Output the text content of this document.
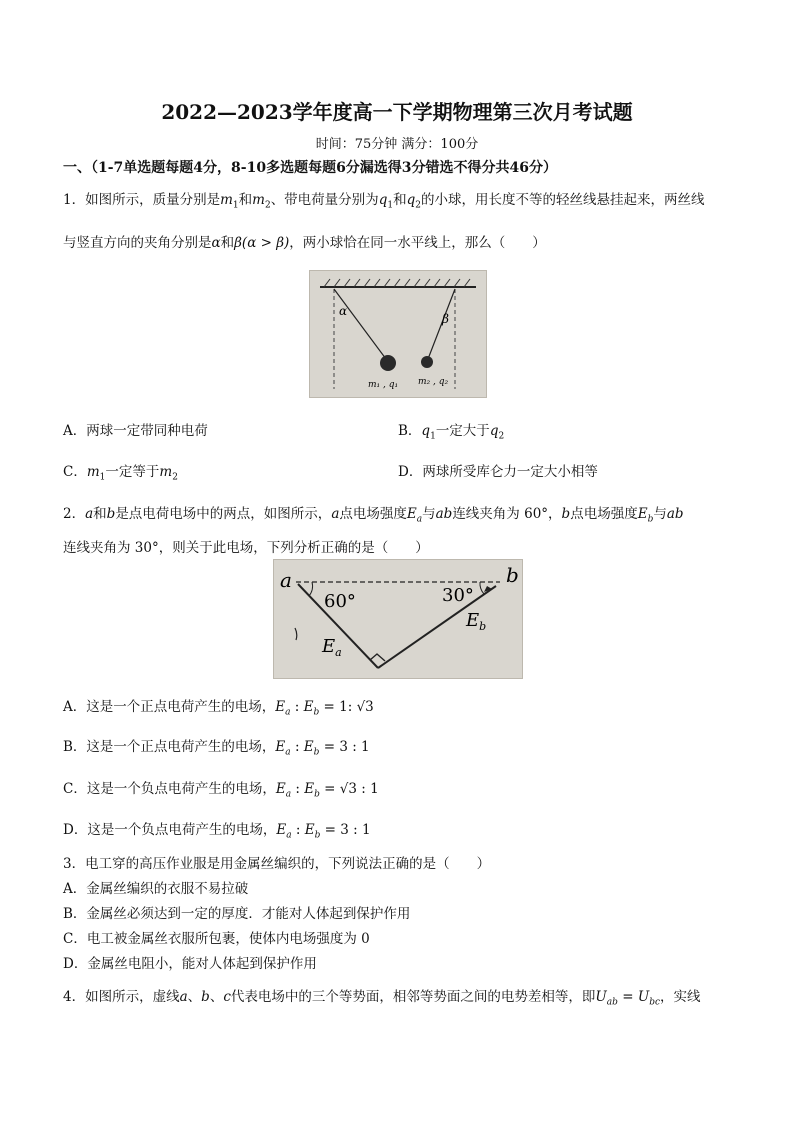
2022—2023学年度高一下学期物理第三次月考试题
时间：75分钟 满分：100分
一、（1-7单选题每题4分，8-10多选题每题6分漏选得3分错选不得分共46分）
1．如图所示，质量分别是$m_1$和$m_2$、带电荷量分别为$q_1$和$q_2$的小球，用长度不等的轻丝线悬挂起来，两丝线
与竖直方向的夹角分别是α和β(α > β)，两小球恰在同一水平线上，那么（　　）
α
β
m₁ , q₁ m₂ , q₂
A．两球一定带同种电荷	B．$q_1$一定大于$q_2$
C．$m_1$一定等于$m_2$	D．两球所受库仑力一定大小相等
2．a和b是点电荷电场中的两点，如图所示，a点电场强度$E_a$与ab连线夹角为 60°，b点电场强度$E_b$与ab
连线夹角为 30°，则关于此电场，下列分析正确的是（　　）
a	b
60°	30°
$E_a$
$E_b$
A．这是一个正点电荷产生的电场，$E_a$ : $E_b = 1$: √3
B．这是一个正点电荷产生的电场，$E_a$ : $E_b = 3$ : 1
C．这是一个负点电荷产生的电场，$E_a$ : $E_b = √3$ : 1
D．这是一个负点电荷产生的电场，$E_a$ : $E_b = 3$ : 1
3．电工穿的高压作业服是用金属丝编织的，下列说法正确的是（　　）
A．金属丝编织的衣服不易拉破
B．金属丝必须达到一定的厚度．才能对人体起到保护作用
C．电工被金属丝衣服所包裹，使体内电场强度为 0
D．金属丝电阻小，能对人体起到保护作用
4．如图所示，虚线a、b、c代表电场中的三个等势面，相邻等势面之间的电势差相等，即$U_{ab} = U_{bc}$，实线
